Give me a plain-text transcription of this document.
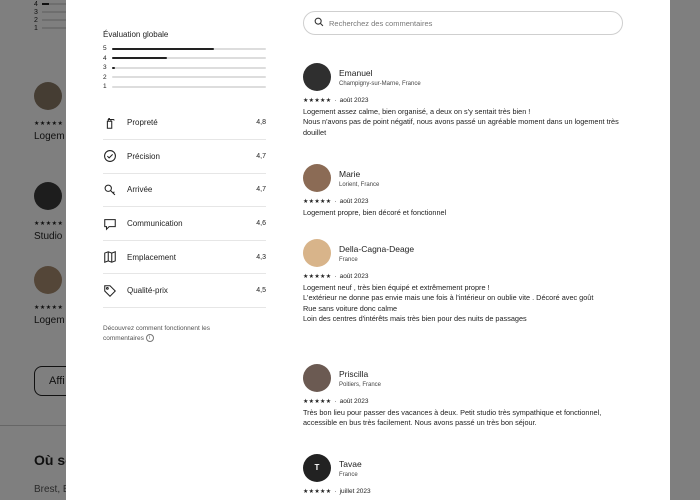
Évaluation globale
5
4
3
2
1
Propreté	4,8
Précision	4,7
Arrivée	4,7
Communication	4,6
Emplacement	4,3
Qualité-prix	4,5
Découvrez comment fonctionnent les
commentaires i
Recherchez des commentaires
Emanuel
Champigny-sur-Marne, France
★★★★★ · août 2023
Logement assez calme, bien organisé, a deux on s'y sentait très bien !
Nous n'avons pas de point négatif, nous avons passé un agréable moment dans un logement très douillet
Marie
Lorient, France
★★★★★ · août 2023
Logement propre, bien décoré et fonctionnel
Della-Cagna-Deage
France
★★★★★ · août 2023
Logement neuf , très bien équipé et extrêmement propre !
L'extérieur ne donne pas envie mais une fois à l'intérieur on oublie vite . Décoré avec goût
Rue sans voiture donc calme
Loin des centres d'intérêts mais très bien pour des nuits de passages
Priscilla
Poitiers, France
★★★★★ · août 2023
Très bon lieu pour passer des vacances à deux. Petit studio très sympathique et fonctionnel, accessible en bus très facilement. Nous avons passé un très bon séjour.
T	Tavae
France
★★★★★ · juillet 2023
